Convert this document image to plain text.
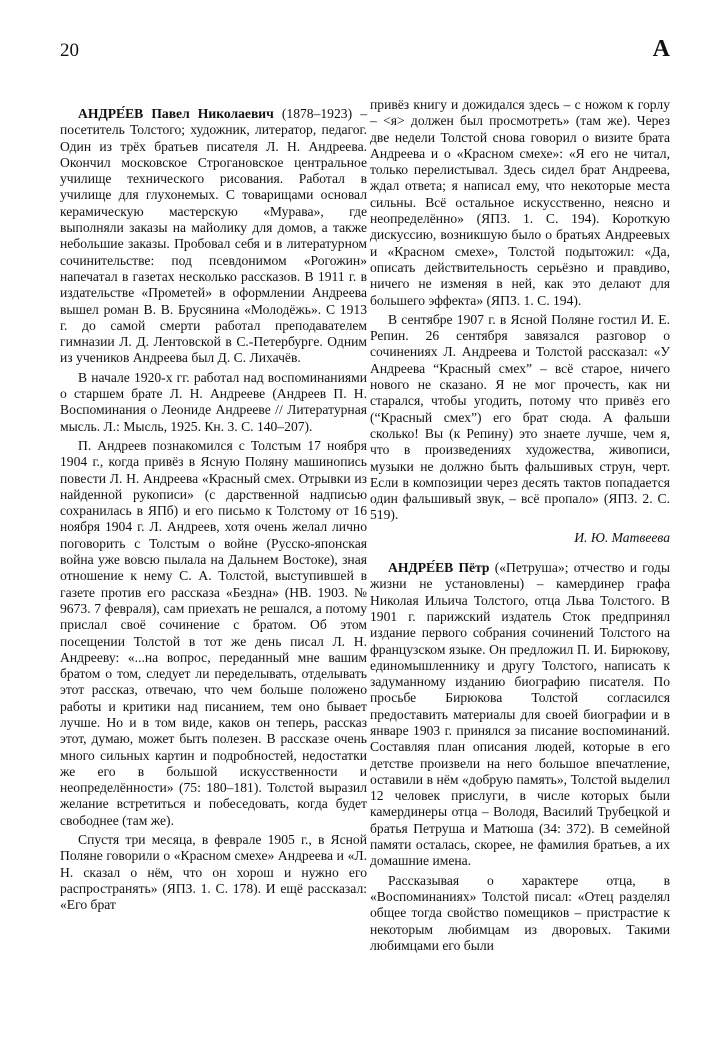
20	А

АНДРЕ́ЕВ Павел Николаевич (1878–1923) – посетитель Толстого; художник, литератор, педагог. Один из трёх братьев писателя Л. Н. Андреева. Окончил московское Строгановское центральное училище технического рисования. Работал в училище для глухонемых. С товарищами основал керамическую мастерскую «Мурава», где выполняли заказы на майолику для домов, а также небольшие заказы. Пробовал себя и в литературном сочинительстве: под псевдонимом «Рогожин» напечатал в газетах несколько рассказов. В 1911 г. в издательстве «Прометей» в оформлении Андреева вышел роман В. В. Брусянина «Молодёжь». С 1913 г. до самой смерти работал преподавателем гимназии Л. Д. Лентовской в С.-Петербурге. Одним из учеников Андреева был Д. С. Лихачёв.

В начале 1920-х гг. работал над воспоминаниями о старшем брате Л. Н. Андрееве (Андреев П. Н. Воспоминания о Леониде Андрееве // Литературная мысль. Л.: Мысль, 1925. Кн. 3. С. 140–207).

П. Андреев познакомился с Толстым 17 ноября 1904 г., когда привёз в Ясную Поляну машинопись повести Л. Н. Андреева «Красный смех. Отрывки из найденной рукописи» (с дарственной надписью сохранилась в ЯПб) и его письмо к Толстому от 16 ноября 1904 г. Л. Андреев, хотя очень желал лично поговорить с Толстым о войне (Русско-японская война уже вовсю пылала на Дальнем Востоке), зная отношение к нему С. А. Толстой, выступившей в газете против его рассказа «Бездна» (НВ. 1903. № 9673. 7 февраля), сам приехать не решался, а потому прислал своё сочинение с братом. Об этом посещении Толстой в тот же день писал Л. Н. Андрееву: «...на вопрос, переданный мне вашим братом о том, следует ли переделывать, отделывать этот рассказ, отвечаю, что чем больше положено работы и критики над писанием, тем оно бывает лучше. Но и в том виде, каков он теперь, рассказ этот, думаю, может быть полезен. В рассказе очень много сильных картин и подробностей, недостатки же его в большой искусственности и неопределённости» (75: 180–181). Толстой выразил желание встретиться и побеседовать, когда будет свободнее (там же).

Спустя три месяца, в феврале 1905 г., в Ясной Поляне говорили о «Красном смехе» Андреева и «Л. Н. сказал о нём, что он хорош и нужно его распространять» (ЯПЗ. 1. С. 178). И ещё рассказал: «Его брат

привёз книгу и дожидался здесь – с ножом к горлу – <я> должен был просмотреть» (там же). Через две недели Толстой снова говорил о визите брата Андреева и о «Красном смехе»: «Я его не читал, только перелистывал. Здесь сидел брат Андреева, ждал ответа; я написал ему, что некоторые места сильны. Всё остальное искусственно, неясно и неопределённо» (ЯПЗ. 1. С. 194). Короткую дискуссию, возникшую было о братьях Андреевых и «Красном смехе», Толстой подытожил: «Да, описать действительность серьёзно и правдиво, ничего не изменяя в ней, как это делают для большего эффекта» (ЯПЗ. 1. С. 194).

В сентябре 1907 г. в Ясной Поляне гостил И. Е. Репин. 26 сентября завязался разговор о сочинениях Л. Андреева и Толстой рассказал: «У Андреева “Красный смех” – всё старое, ничего нового не сказано. Я не мог прочесть, как ни старался, чтобы угодить, потому что привёз его (“Красный смех”) его брат сюда. А фальши сколько! Вы (к Репину) это знаете лучше, чем я, что в произведениях художества, живописи, музыки не должно быть фальшивых струн, черт. Если в композиции через десять тактов попадается один фальшивый звук, – всё пропало» (ЯПЗ. 2. С. 519).

И. Ю. Матвеева

АНДРЕ́ЕВ Пётр («Петруша»; отчество и годы жизни не установлены) – камердинер графа Николая Ильича Толстого, отца Льва Толстого. В 1901 г. парижский издатель Сток предпринял издание первого собрания сочинений Толстого на французском языке. Он предложил П. И. Бирюкову, единомышленнику и другу Толстого, написать к задуманному изданию биографию писателя. По просьбе Бирюкова Толстой согласился предоставить материалы для своей биографии и в январе 1903 г. принялся за писание воспоминаний. Составляя план описания людей, которые в его детстве произвели на него большое впечатление, оставили в нём «добрую память», Толстой выделил 12 человек прислуги, в числе которых были камердинеры отца – Володя, Василий Трубецкой и братья Петруша и Матюша (34: 372). В семейной памяти осталась, скорее, не фамилия братьев, а их домашние имена.

Рассказывая о характере отца, в «Воспоминаниях» Толстой писал: «Отец разделял общее тогда свойство помещиков – пристрастие к некоторым любимцам из дворовых. Такими любимцами его были
